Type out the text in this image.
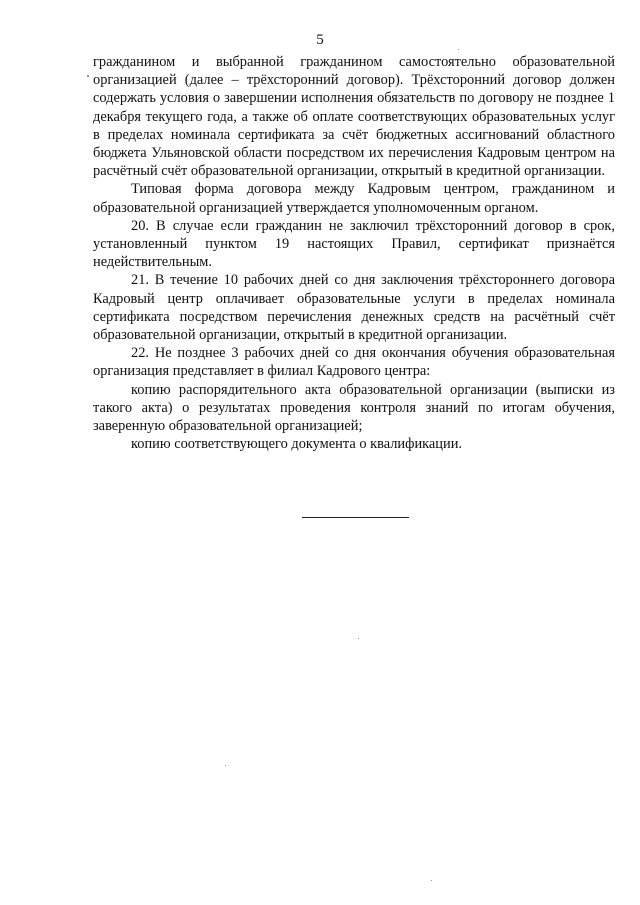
5

гражданином и выбранной гражданином самостоятельно образовательной организацией (далее – трёхсторонний договор). Трёхсторонний договор должен содержать условия о завершении исполнения обязательств по договору не позднее 1 декабря текущего года, а также об оплате соответствующих образовательных услуг в пределах номинала сертификата за счёт бюджетных ассигнований областного бюджета Ульяновской области посредством их перечисления Кадровым центром на расчётный счёт образовательной организации, открытый в кредитной организации.

Типовая форма договора между Кадровым центром, гражданином и образовательной организацией утверждается уполномоченным органом.

20. В случае если гражданин не заключил трёхсторонний договор в срок, установленный пунктом 19 настоящих Правил, сертификат признаётся недействительным.

21. В течение 10 рабочих дней со дня заключения трёхстороннего договора Кадровый центр оплачивает образовательные услуги в пределах номинала сертификата посредством перечисления денежных средств на расчётный счёт образовательной организации, открытый в кредитной организации.

22. Не позднее 3 рабочих дней со дня окончания обучения образовательная организация представляет в филиал Кадрового центра:

копию распорядительного акта образовательной организации (выписки из такого акта) о результатах проведения контроля знаний по итогам обучения, заверенную образовательной организацией;

копию соответствующего документа о квалификации.
